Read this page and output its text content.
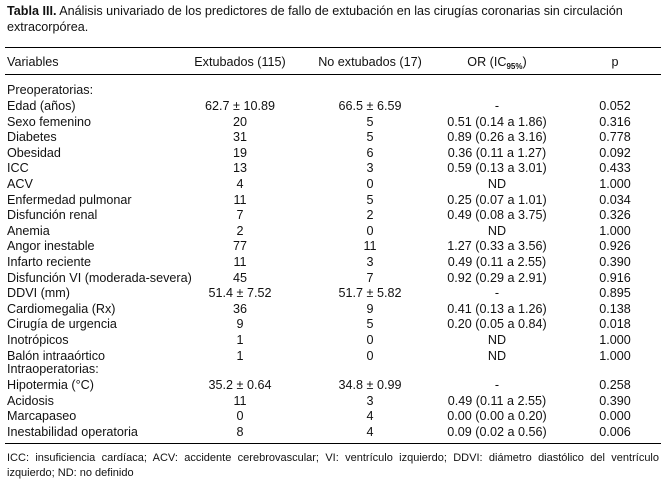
Tabla III. Análisis univariado de los predictores de fallo de extubación en las cirugías coronarias sin circulación extracorpórea.
Variables	Extubados (115)	No extubados (17)	OR $(IC_{95\%})$	p
Preoperatorias:
Edad (años)	62.7 ± 10.89	66.5 ± 6.59	-	0.052
Sexo femenino	20	5	0.51 (0.14 a 1.86)	0.316
Diabetes	31	5	0.89 (0.26 a 3.16)	0.778
Obesidad	19	6	0.36 (0.11 a 1.27)	0.092
ICC	13	3	0.59 (0.13 a 3.01)	0.433
ACV	4	0	ND	1.000
Enfermedad pulmonar	11	5	0.25 (0.07 a 1.01)	0.034
Disfunción renal	7	2	0.49 (0.08 a 3.75)	0.326
Anemia	2	0	ND	1.000
Angor inestable	77	11	1.27 (0.33 a 3.56)	0.926
Infarto reciente	11	3	0.49 (0.11 a 2.55)	0.390
Disfunción VI (moderada-severa)	45	7	0.92 (0.29 a 2.91)	0.916
DDVI (mm)	51.4 ± 7.52	51.7 ± 5.82	-	0.895
Cardiomegalia (Rx)	36	9	0.41 (0.13 a 1.26)	0.138
Cirugía de urgencia	9	5	0.20 (0.05 a 0.84)	0.018
Inotrópicos	1	0	ND	1.000
Balón intraaórtico	1	0	ND	1.000
Intraoperatorias:
Hipotermia (°C)	35.2 ± 0.64	34.8 ± 0.99	-	0.258
Acidosis	11	3	0.49 (0.11 a 2.55)	0.390
Marcapaseo	0	4	0.00 (0.00 a 0.20)	0.000
Inestabilidad operatoria	8	4	0.09 (0.02 a 0.56)	0.006
ICC: insuficiencia cardíaca; ACV: accidente cerebrovascular; VI: ventrículo izquierdo; DDVI: diámetro diastólico del ventrículo izquierdo; ND: no definido
